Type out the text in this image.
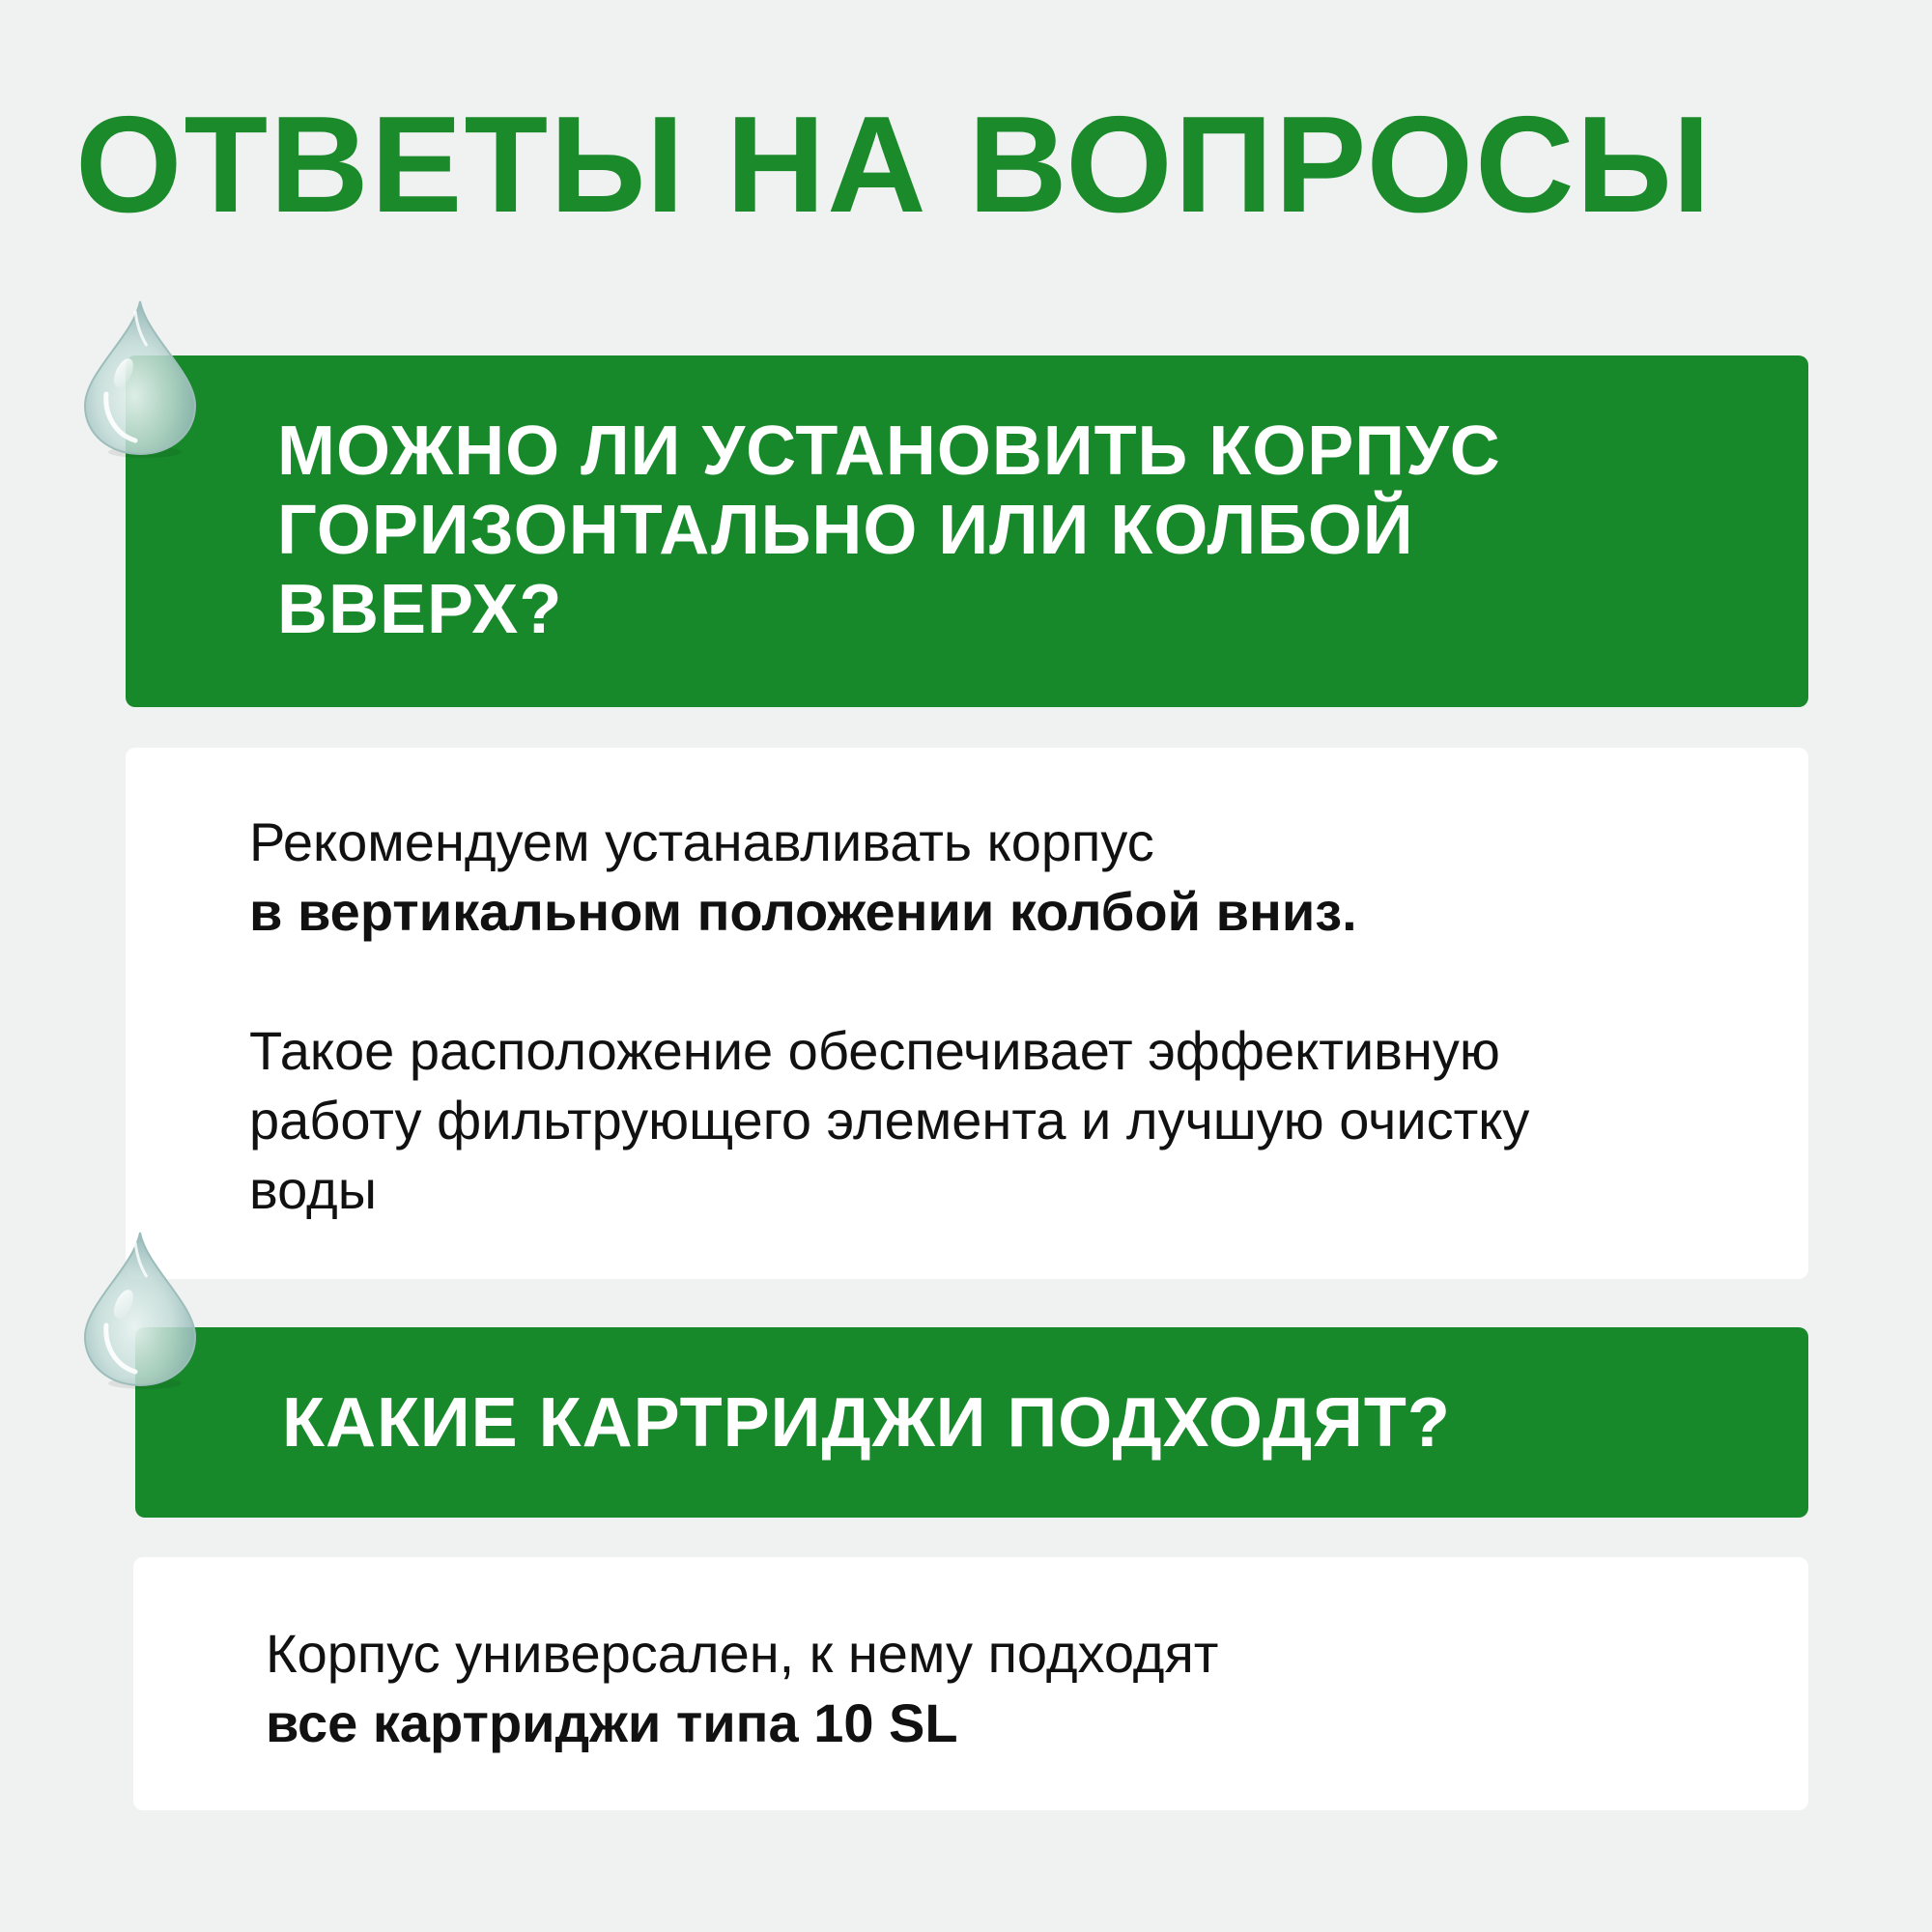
ОТВЕТЫ НА ВОПРОСЫ
МОЖНО ЛИ УСТАНОВИТЬ КОРПУС
ГОРИЗОНТАЛЬНО ИЛИ КОЛБОЙ
ВВЕРХ?
Рекомендуем устанавливать корпус
в вертикальном положении колбой вниз.
Такое расположение обеспечивает эффективную
работу фильтрующего элемента и лучшую очистку
воды
КАКИЕ КАРТРИДЖИ ПОДХОДЯТ?
Корпус универсален, к нему подходят
все картриджи типа 10 SL
